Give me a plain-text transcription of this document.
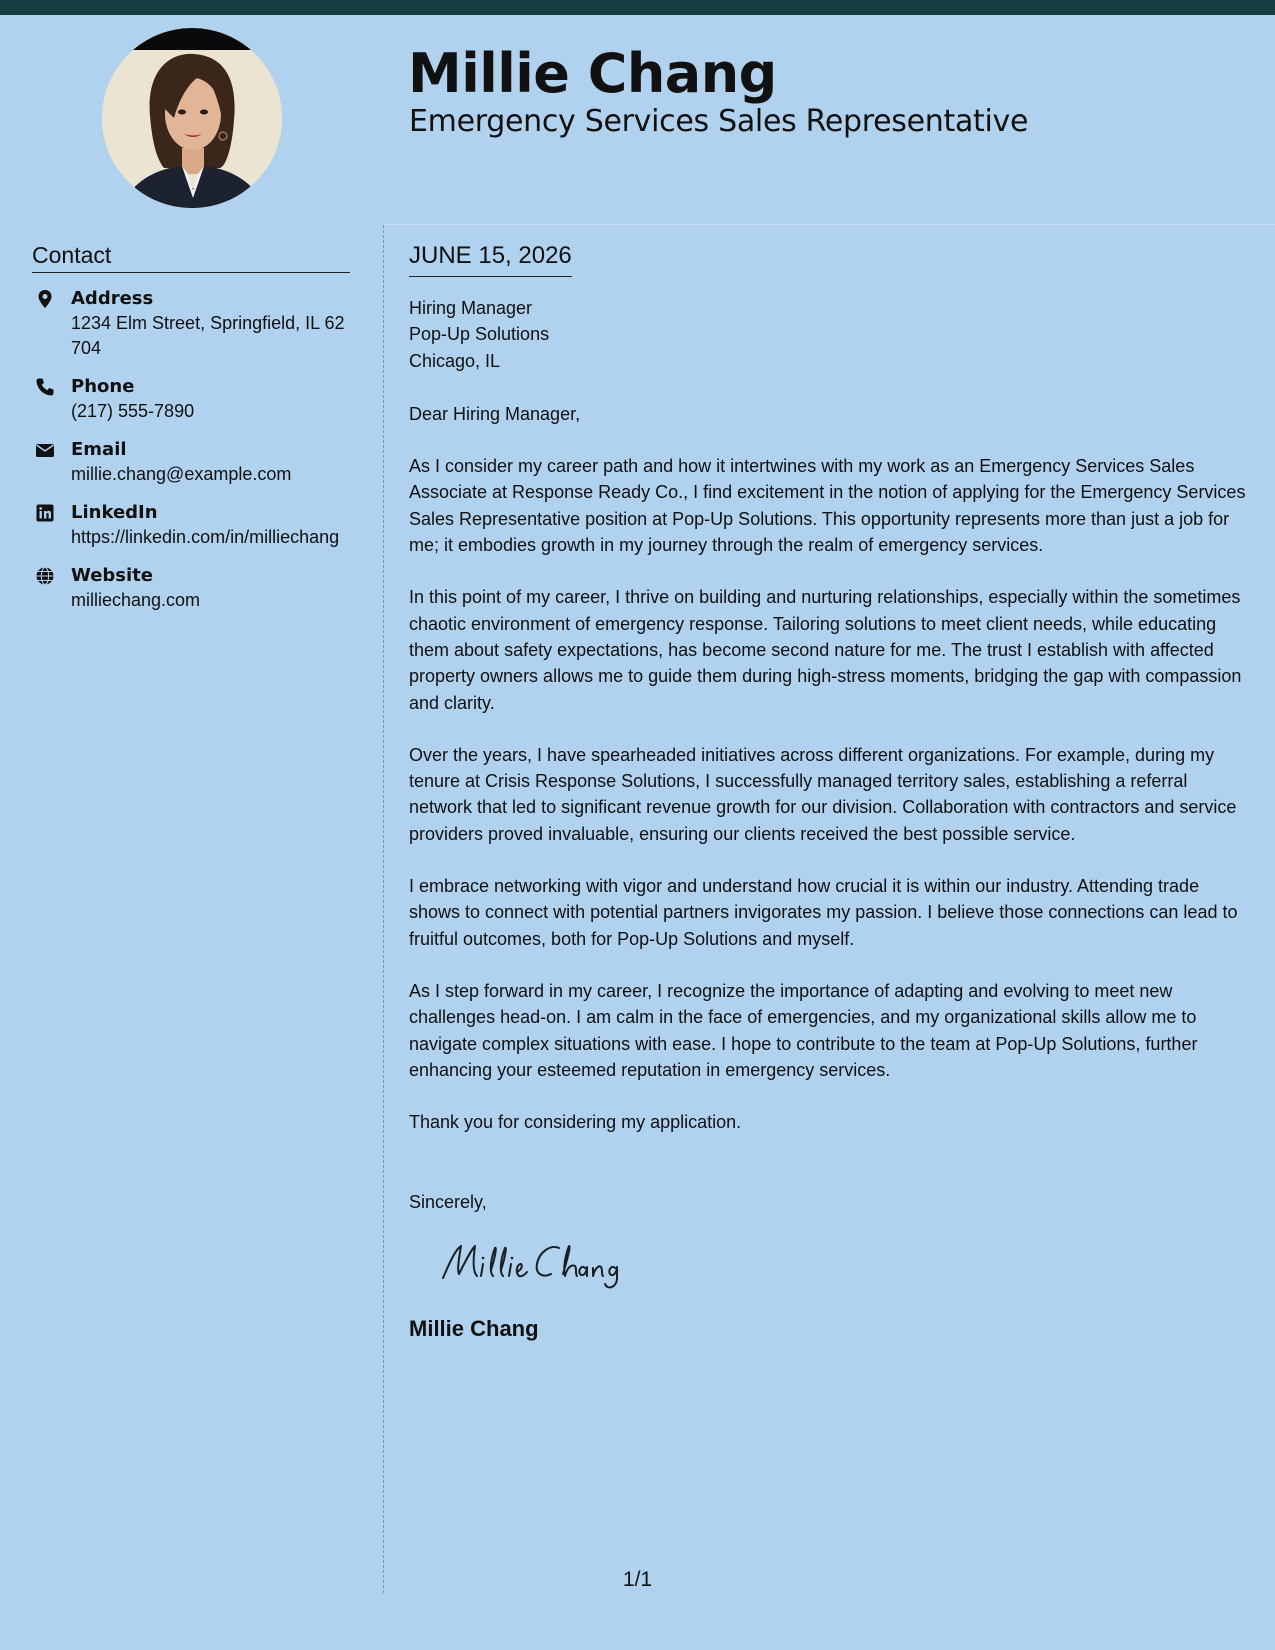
Millie Chang
Emergency Services Sales Representative
Contact
Address
1234 Elm Street, Springfield, IL 62704
Phone
(217) 555-7890
Email
millie.chang@example.com
LinkedIn
https://linkedin.com/in/milliechang
Website
milliechang.com
JUNE 15, 2026
Hiring Manager
Pop-Up Solutions
Chicago, IL
Dear Hiring Manager,

As I consider my career path and how it intertwines with my work as an Emergency Services Sales Associate at Response Ready Co., I find excitement in the notion of applying for the Emergency Services Sales Representative position at Pop-Up Solutions. This opportunity represents more than just a job for me; it embodies growth in my journey through the realm of emergency services.

In this point of my career, I thrive on building and nurturing relationships, especially within the sometimes chaotic environment of emergency response. Tailoring solutions to meet client needs, while educating them about safety expectations, has become second nature for me. The trust I establish with affected property owners allows me to guide them during high-stress moments, bridging the gap with compassion and clarity.

Over the years, I have spearheaded initiatives across different organizations. For example, during my tenure at Crisis Response Solutions, I successfully managed territory sales, establishing a referral network that led to significant revenue growth for our division. Collaboration with contractors and service providers proved invaluable, ensuring our clients received the best possible service.

I embrace networking with vigor and understand how crucial it is within our industry. Attending trade shows to connect with potential partners invigorates my passion. I believe those connections can lead to fruitful outcomes, both for Pop-Up Solutions and myself.

As I step forward in my career, I recognize the importance of adapting and evolving to meet new challenges head-on. I am calm in the face of emergencies, and my organizational skills allow me to navigate complex situations with ease. I hope to contribute to the team at Pop-Up Solutions, further enhancing your esteemed reputation in emergency services.

Thank you for considering my application.
Sincerely,
Millie Chang
1/1
